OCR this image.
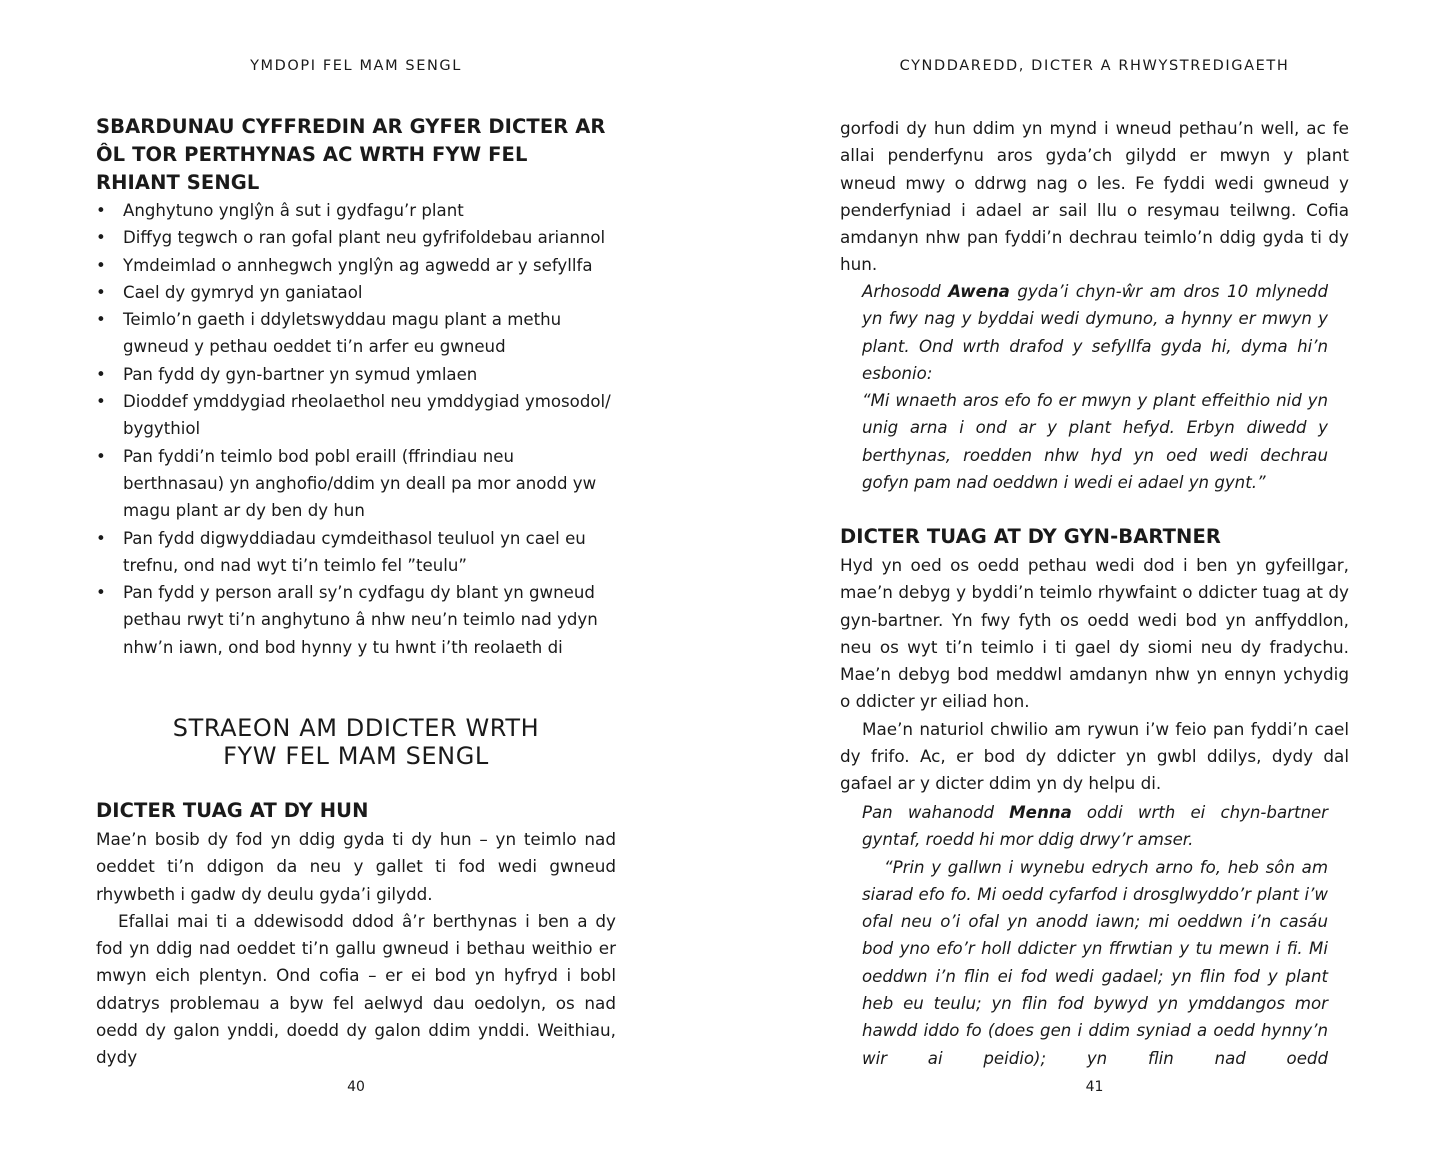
YMDOPI FEL MAM SENGL
SBARDUNAU CYFFREDIN AR GYFER DICTER AR ÔL TOR PERTHYNAS AC WRTH FYW FEL RHIANT SENGL
• Anghytuno ynglŷn â sut i gydfagu’r plant
• Diffyg tegwch o ran gofal plant neu gyfrifoldebau ariannol
• Ymdeimlad o annhegwch ynglŷn ag agwedd ar y sefyllfa
• Cael dy gymryd yn ganiataol
• Teimlo’n gaeth i ddyletswyddau magu plant a methu gwneud y pethau oeddet ti’n arfer eu gwneud
• Pan fydd dy gyn-bartner yn symud ymlaen
• Dioddef ymddygiad rheolaethol neu ymddygiad ymosodol/ bygythiol
• Pan fyddi’n teimlo bod pobl eraill (ffrindiau neu berthnasau) yn anghofio/ddim yn deall pa mor anodd yw magu plant ar dy ben dy hun
• Pan fydd digwyddiadau cymdeithasol teuluol yn cael eu trefnu, ond nad wyt ti’n teimlo fel ”teulu”
• Pan fydd y person arall sy’n cydfagu dy blant yn gwneud pethau rwyt ti’n anghytuno â nhw neu’n teimlo nad ydyn nhw’n iawn, ond bod hynny y tu hwnt i’th reolaeth di
STRAEON AM DDICTER WRTH
FYW FEL MAM SENGL
DICTER TUAG AT DY HUN

Mae’n bosib dy fod yn ddig gyda ti dy hun – yn teimlo nad oeddet ti’n ddigon da neu y gallet ti fod wedi gwneud rhywbeth i gadw dy deulu gyda’i gilydd.

Efallai mai ti a ddewisodd ddod â’r berthynas i ben a dy fod yn ddig nad oeddet ti’n gallu gwneud i bethau weithio er mwyn eich plentyn. Ond cofia – er ei bod yn hyfryd i bobl ddatrys problemau a byw fel aelwyd dau oedolyn, os nad oedd dy galon ynddi, doedd dy galon ddim ynddi. Weithiau, dydy

40
CYNDDAREDD, DICTER A RHWYSTREDIGAETH

gorfodi dy hun ddim yn mynd i wneud pethau’n well, ac fe allai penderfynu aros gyda’ch gilydd er mwyn y plant wneud mwy o ddrwg nag o les. Fe fyddi wedi gwneud y penderfyniad i adael ar sail llu o resymau teilwng. Cofia amdanyn nhw pan fyddi’n dechrau teimlo’n ddig gyda ti dy hun.

Arhosodd Awena gyda’i chyn-ŵr am dros 10 mlynedd yn fwy nag y byddai wedi dymuno, a hynny er mwyn y plant. Ond wrth drafod y sefyllfa gyda hi, dyma hi’n esbonio:
“Mi wnaeth aros efo fo er mwyn y plant effeithio nid yn unig arna i ond ar y plant hefyd. Erbyn diwedd y berthynas, roedden nhw hyd yn oed wedi dechrau gofyn pam nad oeddwn i wedi ei adael yn gynt.”
DICTER TUAG AT DY GYN-BARTNER

Hyd yn oed os oedd pethau wedi dod i ben yn gyfeillgar, mae’n debyg y byddi’n teimlo rhywfaint o ddicter tuag at dy gyn-bartner. Yn fwy fyth os oedd wedi bod yn anffyddlon, neu os wyt ti’n teimlo i ti gael dy siomi neu dy fradychu. Mae’n debyg bod meddwl amdanyn nhw yn ennyn ychydig o ddicter yr eiliad hon.

Mae’n naturiol chwilio am rywun i’w feio pan fyddi’n cael dy frifo. Ac, er bod dy ddicter yn gwbl ddilys, dydy dal gafael ar y dicter ddim yn dy helpu di.

Pan wahanodd Menna oddi wrth ei chyn-bartner gyntaf, roedd hi mor ddig drwy’r amser.
“Prin y gallwn i wynebu edrych arno fo, heb sôn am siarad efo fo. Mi oedd cyfarfod i drosglwyddo’r plant i’w ofal neu o’i ofal yn anodd iawn; mi oeddwn i’n casáu bod yno efo’r holl ddicter yn ffrwtian y tu mewn i fi. Mi oeddwn i’n flin ei fod wedi gadael; yn flin fod y plant heb eu teulu; yn flin fod bywyd yn ymddangos mor hawdd iddo fo (does gen i ddim syniad a oedd hynny’n wir ai peidio); yn flin nad oedd
41
